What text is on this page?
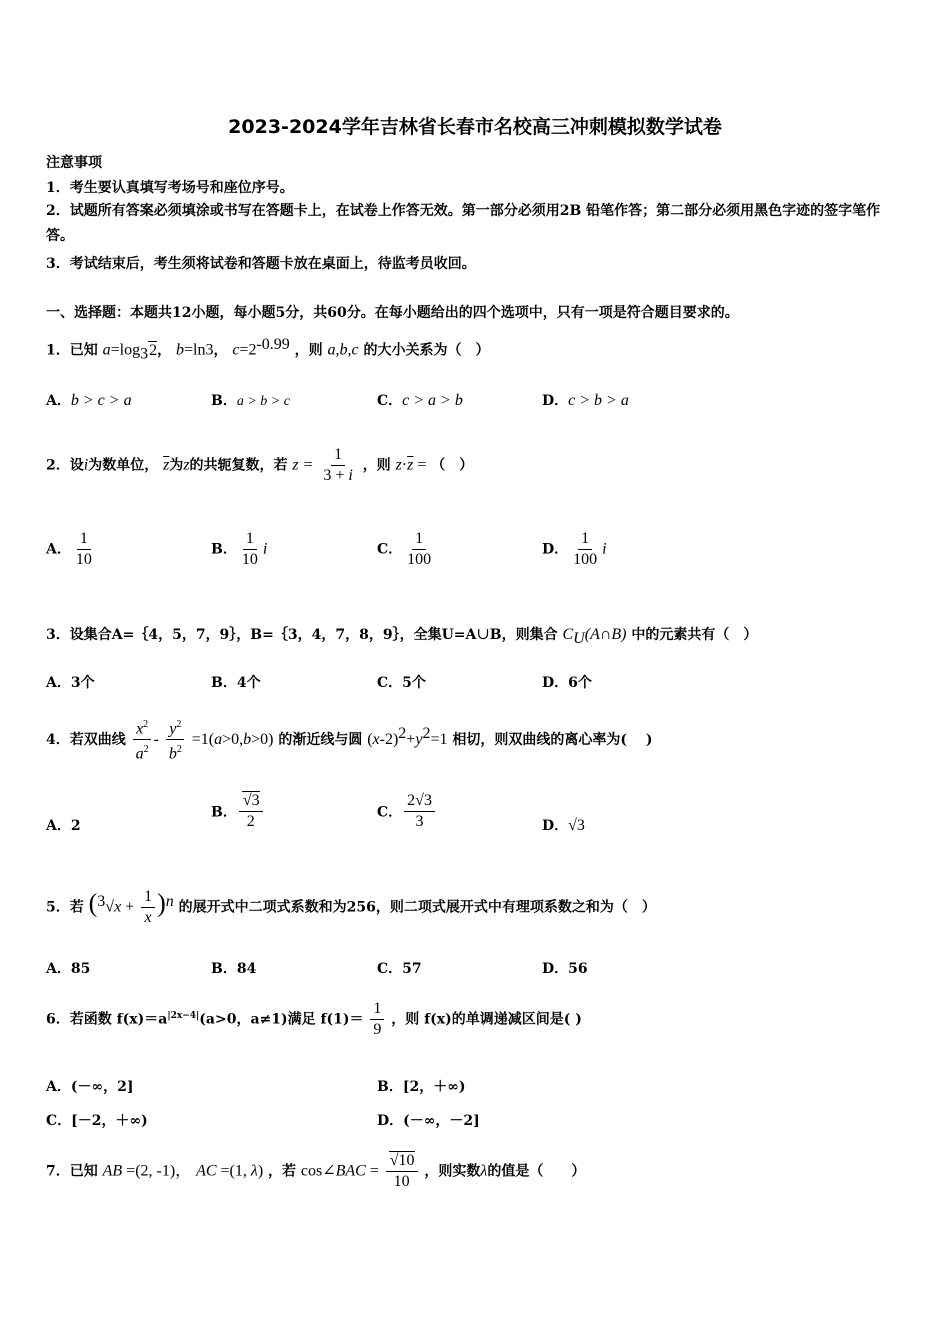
2023-2024学年吉林省长春市名校高三冲刺模拟数学试卷
注意事项
1．考生要认真填写考场号和座位序号。
2．试题所有答案必须填涂或书写在答题卡上，在试卷上作答无效。第一部分必须用2B 铅笔作答；第二部分必须用黑色字迹的签字笔作答。
3．考试结束后，考生须将试卷和答题卡放在桌面上，待监考员收回。
一、选择题：本题共12小题，每小题5分，共60分。在每小题给出的四个选项中，只有一项是符合题目要求的。
1．已知 $a=\log_32$， b=ln3， $c=2^{-0.99}$ ，则 a,b,c 的大小关系为（　）
A．b > c > a	B．a > b > c	C．c > a > b	D．c > b > a
2．设i为数单位， $\overline{z}$为z的共轭复数，若 $z = \frac{1}{3 + i}$ ，则 $z\cdot\overline{z}$ = （　）
A． $\frac{1}{10}$	B． $\frac{1}{10}$ i	C． $\frac{1}{100}$	D． $\frac{1}{100}$ i
3．设集合A=｛4，5，7，9｝，B=｛3，4，7，8，9｝，全集U=A∪B，则集合 $C_U(A\cap B)$ 中的元素共有（　）
A．3个	B．4个	C．5个	D．6个
4．若双曲线 $\frac{x^2}{a^2} - \frac{y^2}{b^2} =1(a>0,b>0)$ 的渐近线与圆 $(x-2)^2+y^2=1$ 相切，则双曲线的离心率为(　 )
A．2
B． $\frac{√3}{2}$	C． $\frac{2√3}{3}$	D．√3
5．若 $(^3√x + \frac{1}{x} )^n$ 的展开式中二项式系数和为256，则二项式展开式中有理项系数之和为（　）
A．85	B．84	C．57	D．56
6．若函数 $f(x)=a^{|2x-4|}(a>0$，a≠1)满足 $f(1)= \frac{1}{9}$ ，则 f(x)的单调递减区间是( )
A．(－∞，2]	B．[2，＋∞)
C．[－2，＋∞)	D．(－∞，－2]
7．已知 AB =(2, -1)， AC =(1, λ) ，若 cos∠BAC = $\frac{√10}{10}$ ，则实数λ的值是（　　）
